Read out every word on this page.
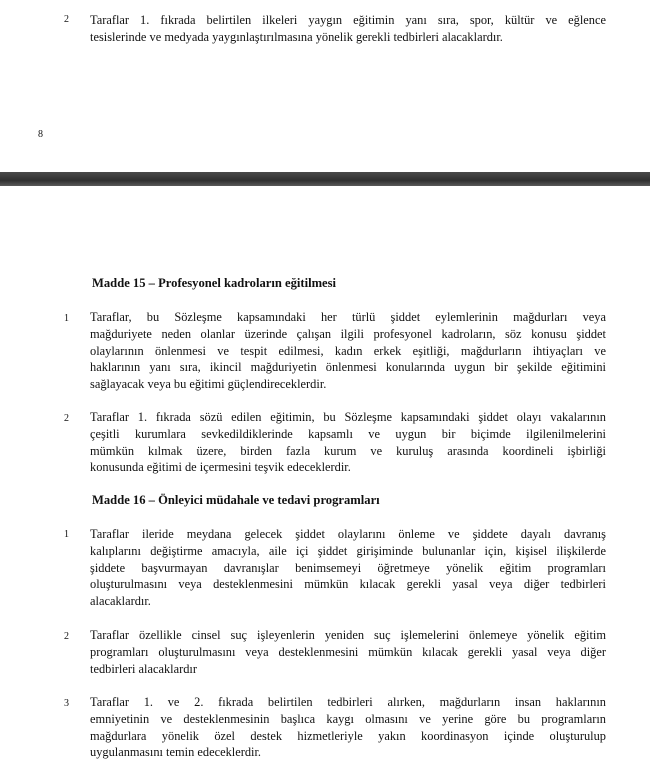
2 Taraflar 1. fıkrada belirtilen ilkeleri yaygın eğitimin yanı sıra, spor, kültür ve eğlence
tesislerinde ve medyada yaygınlaştırılmasına yönelik gerekli tedbirleri alacaklardır.
8
Madde 15 – Profesyonel kadroların eğitilmesi
1 Taraflar, bu Sözleşme kapsamındaki her türlü şiddet eylemlerinin mağdurları veya
mağduriyete neden olanlar üzerinde çalışan ilgili profesyonel kadroların, söz konusu şiddet
olaylarının önlenmesi ve tespit edilmesi, kadın erkek eşitliği, mağdurların ihtiyaçları ve
haklarının yanı sıra, ikincil mağduriyetin önlenmesi konularında uygun bir şekilde eğitimini
sağlayacak veya bu eğitimi güçlendireceklerdir.
2 Taraflar 1. fıkrada sözü edilen eğitimin, bu Sözleşme kapsamındaki şiddet olayı vakalarının
çeşitli kurumlara sevkedildiklerinde kapsamlı ve uygun bir biçimde ilgilenilmelerini
mümkün kılmak üzere, birden fazla kurum ve kuruluş arasında koordineli işbirliği
konusunda eğitimi de içermesini teşvik edeceklerdir.
Madde 16 – Önleyici müdahale ve tedavi programları
1 Taraflar ileride meydana gelecek şiddet olaylarını önleme ve şiddete dayalı davranış
kalıplarını değiştirme amacıyla, aile içi şiddet girişiminde bulunanlar için, kişisel ilişkilerde
şiddete başvurmayan davranışlar benimsemeyi öğretmeye yönelik eğitim programları
oluşturulmasını veya desteklenmesini mümkün kılacak gerekli yasal veya diğer tedbirleri
alacaklardır.
2 Taraflar özellikle cinsel suç işleyenlerin yeniden suç işlemelerini önlemeye yönelik eğitim
programları oluşturulmasını veya desteklenmesini mümkün kılacak gerekli yasal veya diğer
tedbirleri alacaklardır
3 Taraflar 1. ve 2. fıkrada belirtilen tedbirleri alırken, mağdurların insan haklarının
emniyetinin ve desteklenmesinin başlıca kaygı olmasını ve yerine göre bu programların
mağdurlara yönelik özel destek hizmetleriyle yakın koordinasyon içinde oluşturulup
uygulanmasını temin edeceklerdir.
